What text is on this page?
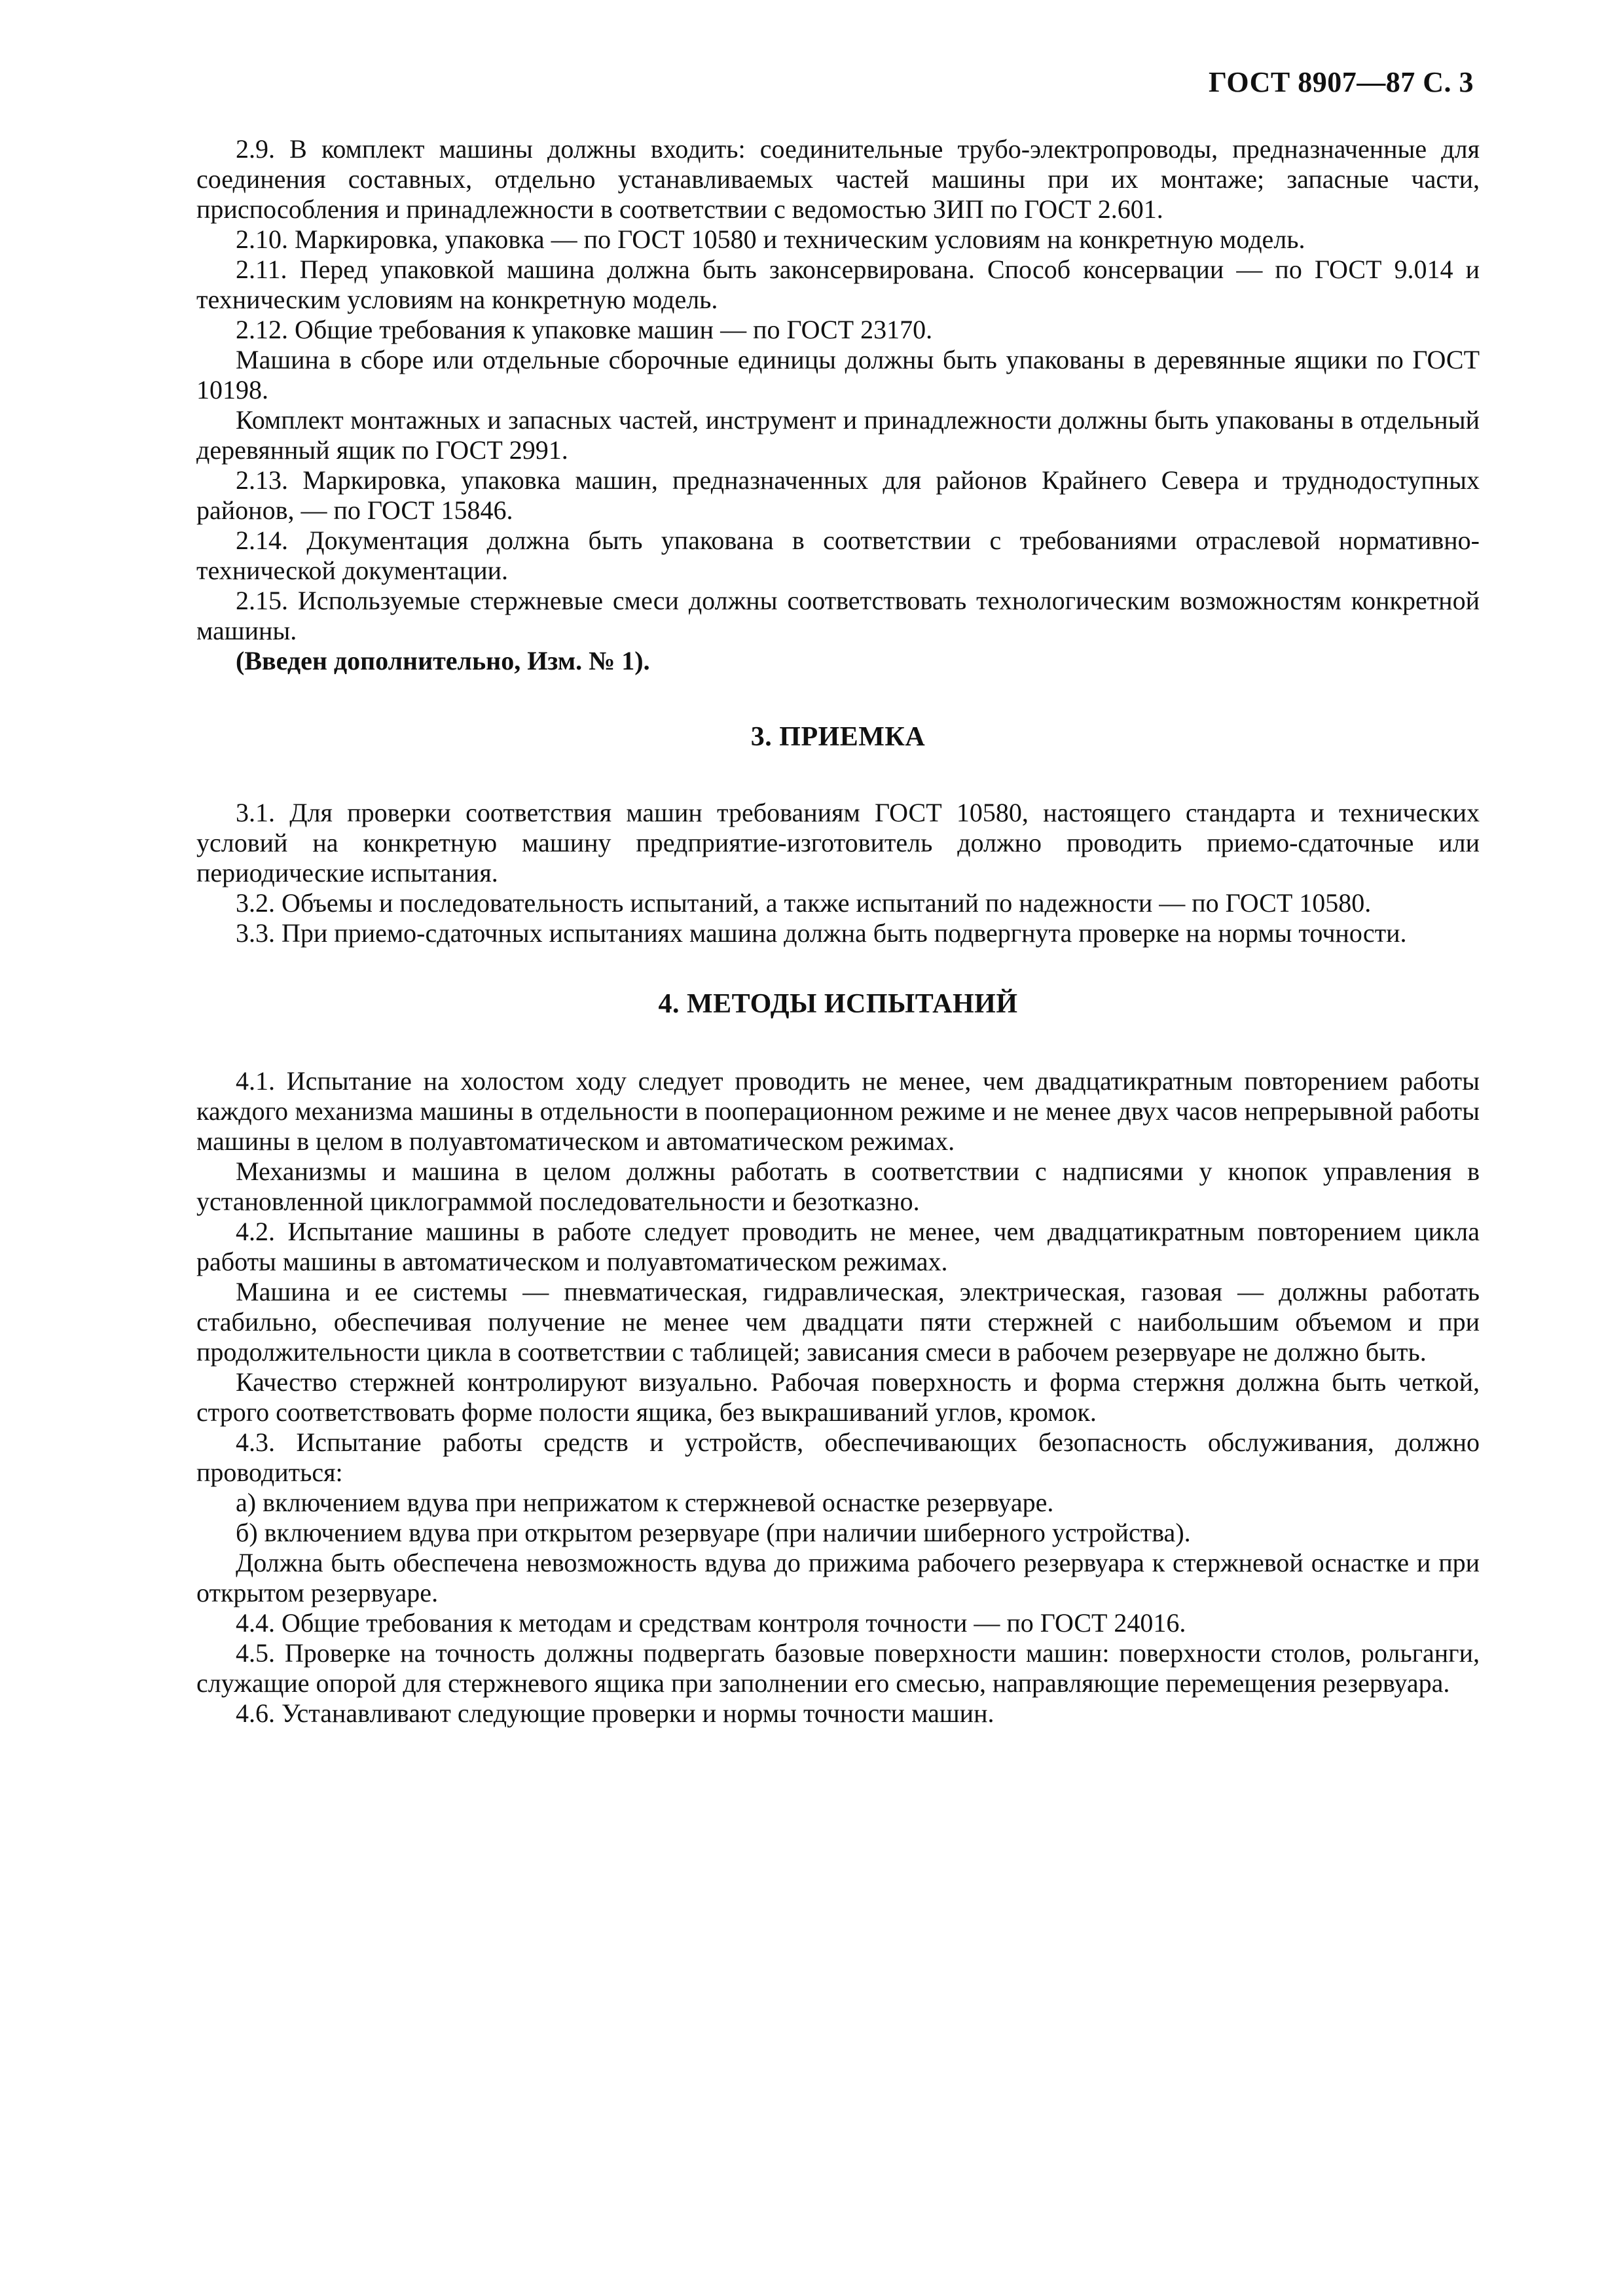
ГОСТ 8907—87 С. 3

2.9. В комплект машины должны входить: соединительные трубо-электропроводы, предназначенные для соединения составных, отдельно устанавливаемых частей машины при их монтаже; запасные части, приспособления и принадлежности в соответствии с ведомостью ЗИП по ГОСТ 2.601.

2.10. Маркировка, упаковка — по ГОСТ 10580 и техническим условиям на конкретную модель.

2.11. Перед упаковкой машина должна быть законсервирована. Способ консервации — по ГОСТ 9.014 и техническим условиям на конкретную модель.

2.12. Общие требования к упаковке машин — по ГОСТ 23170.

Машина в сборе или отдельные сборочные единицы должны быть упакованы в деревянные ящики по ГОСТ 10198.

Комплект монтажных и запасных частей, инструмент и принадлежности должны быть упакованы в отдельный деревянный ящик по ГОСТ 2991.

2.13. Маркировка, упаковка машин, предназначенных для районов Крайнего Севера и труднодоступных районов, — по ГОСТ 15846.

2.14. Документация должна быть упакована в соответствии с требованиями отраслевой нормативно-технической документации.

2.15. Используемые стержневые смеси должны соответствовать технологическим возможностям конкретной машины.

(Введен дополнительно, Изм. № 1).

3. ПРИЕМКА

3.1. Для проверки соответствия машин требованиям ГОСТ 10580, настоящего стандарта и технических условий на конкретную машину предприятие-изготовитель должно проводить приемо-сдаточные или периодические испытания.

3.2. Объемы и последовательность испытаний, а также испытаний по надежности — по ГОСТ 10580.

3.3. При приемо-сдаточных испытаниях машина должна быть подвергнута проверке на нормы точности.

4. МЕТОДЫ ИСПЫТАНИЙ

4.1. Испытание на холостом ходу следует проводить не менее, чем двадцатикратным повторением работы каждого механизма машины в отдельности в пооперационном режиме и не менее двух часов непрерывной работы машины в целом в полуавтоматическом и автоматическом режимах.

Механизмы и машина в целом должны работать в соответствии с надписями у кнопок управления в установленной циклограммой последовательности и безотказно.

4.2. Испытание машины в работе следует проводить не менее, чем двадцатикратным повторением цикла работы машины в автоматическом и полуавтоматическом режимах.

Машина и ее системы — пневматическая, гидравлическая, электрическая, газовая — должны работать стабильно, обеспечивая получение не менее чем двадцати пяти стержней с наибольшим объемом и при продолжительности цикла в соответствии с таблицей; зависания смеси в рабочем резервуаре не должно быть.

Качество стержней контролируют визуально. Рабочая поверхность и форма стержня должна быть четкой, строго соответствовать форме полости ящика, без выкрашиваний углов, кромок.

4.3. Испытание работы средств и устройств, обеспечивающих безопасность обслуживания, должно проводиться:

а) включением вдува при неприжатом к стержневой оснастке резервуаре.

б) включением вдува при открытом резервуаре (при наличии шиберного устройства).

Должна быть обеспечена невозможность вдува до прижима рабочего резервуара к стержневой оснастке и при открытом резервуаре.

4.4. Общие требования к методам и средствам контроля точности — по ГОСТ 24016.

4.5. Проверке на точность должны подвергать базовые поверхности машин: поверхности столов, рольганги, служащие опорой для стержневого ящика при заполнении его смесью, направляющие перемещения резервуара.

4.6. Устанавливают следующие проверки и нормы точности машин.
